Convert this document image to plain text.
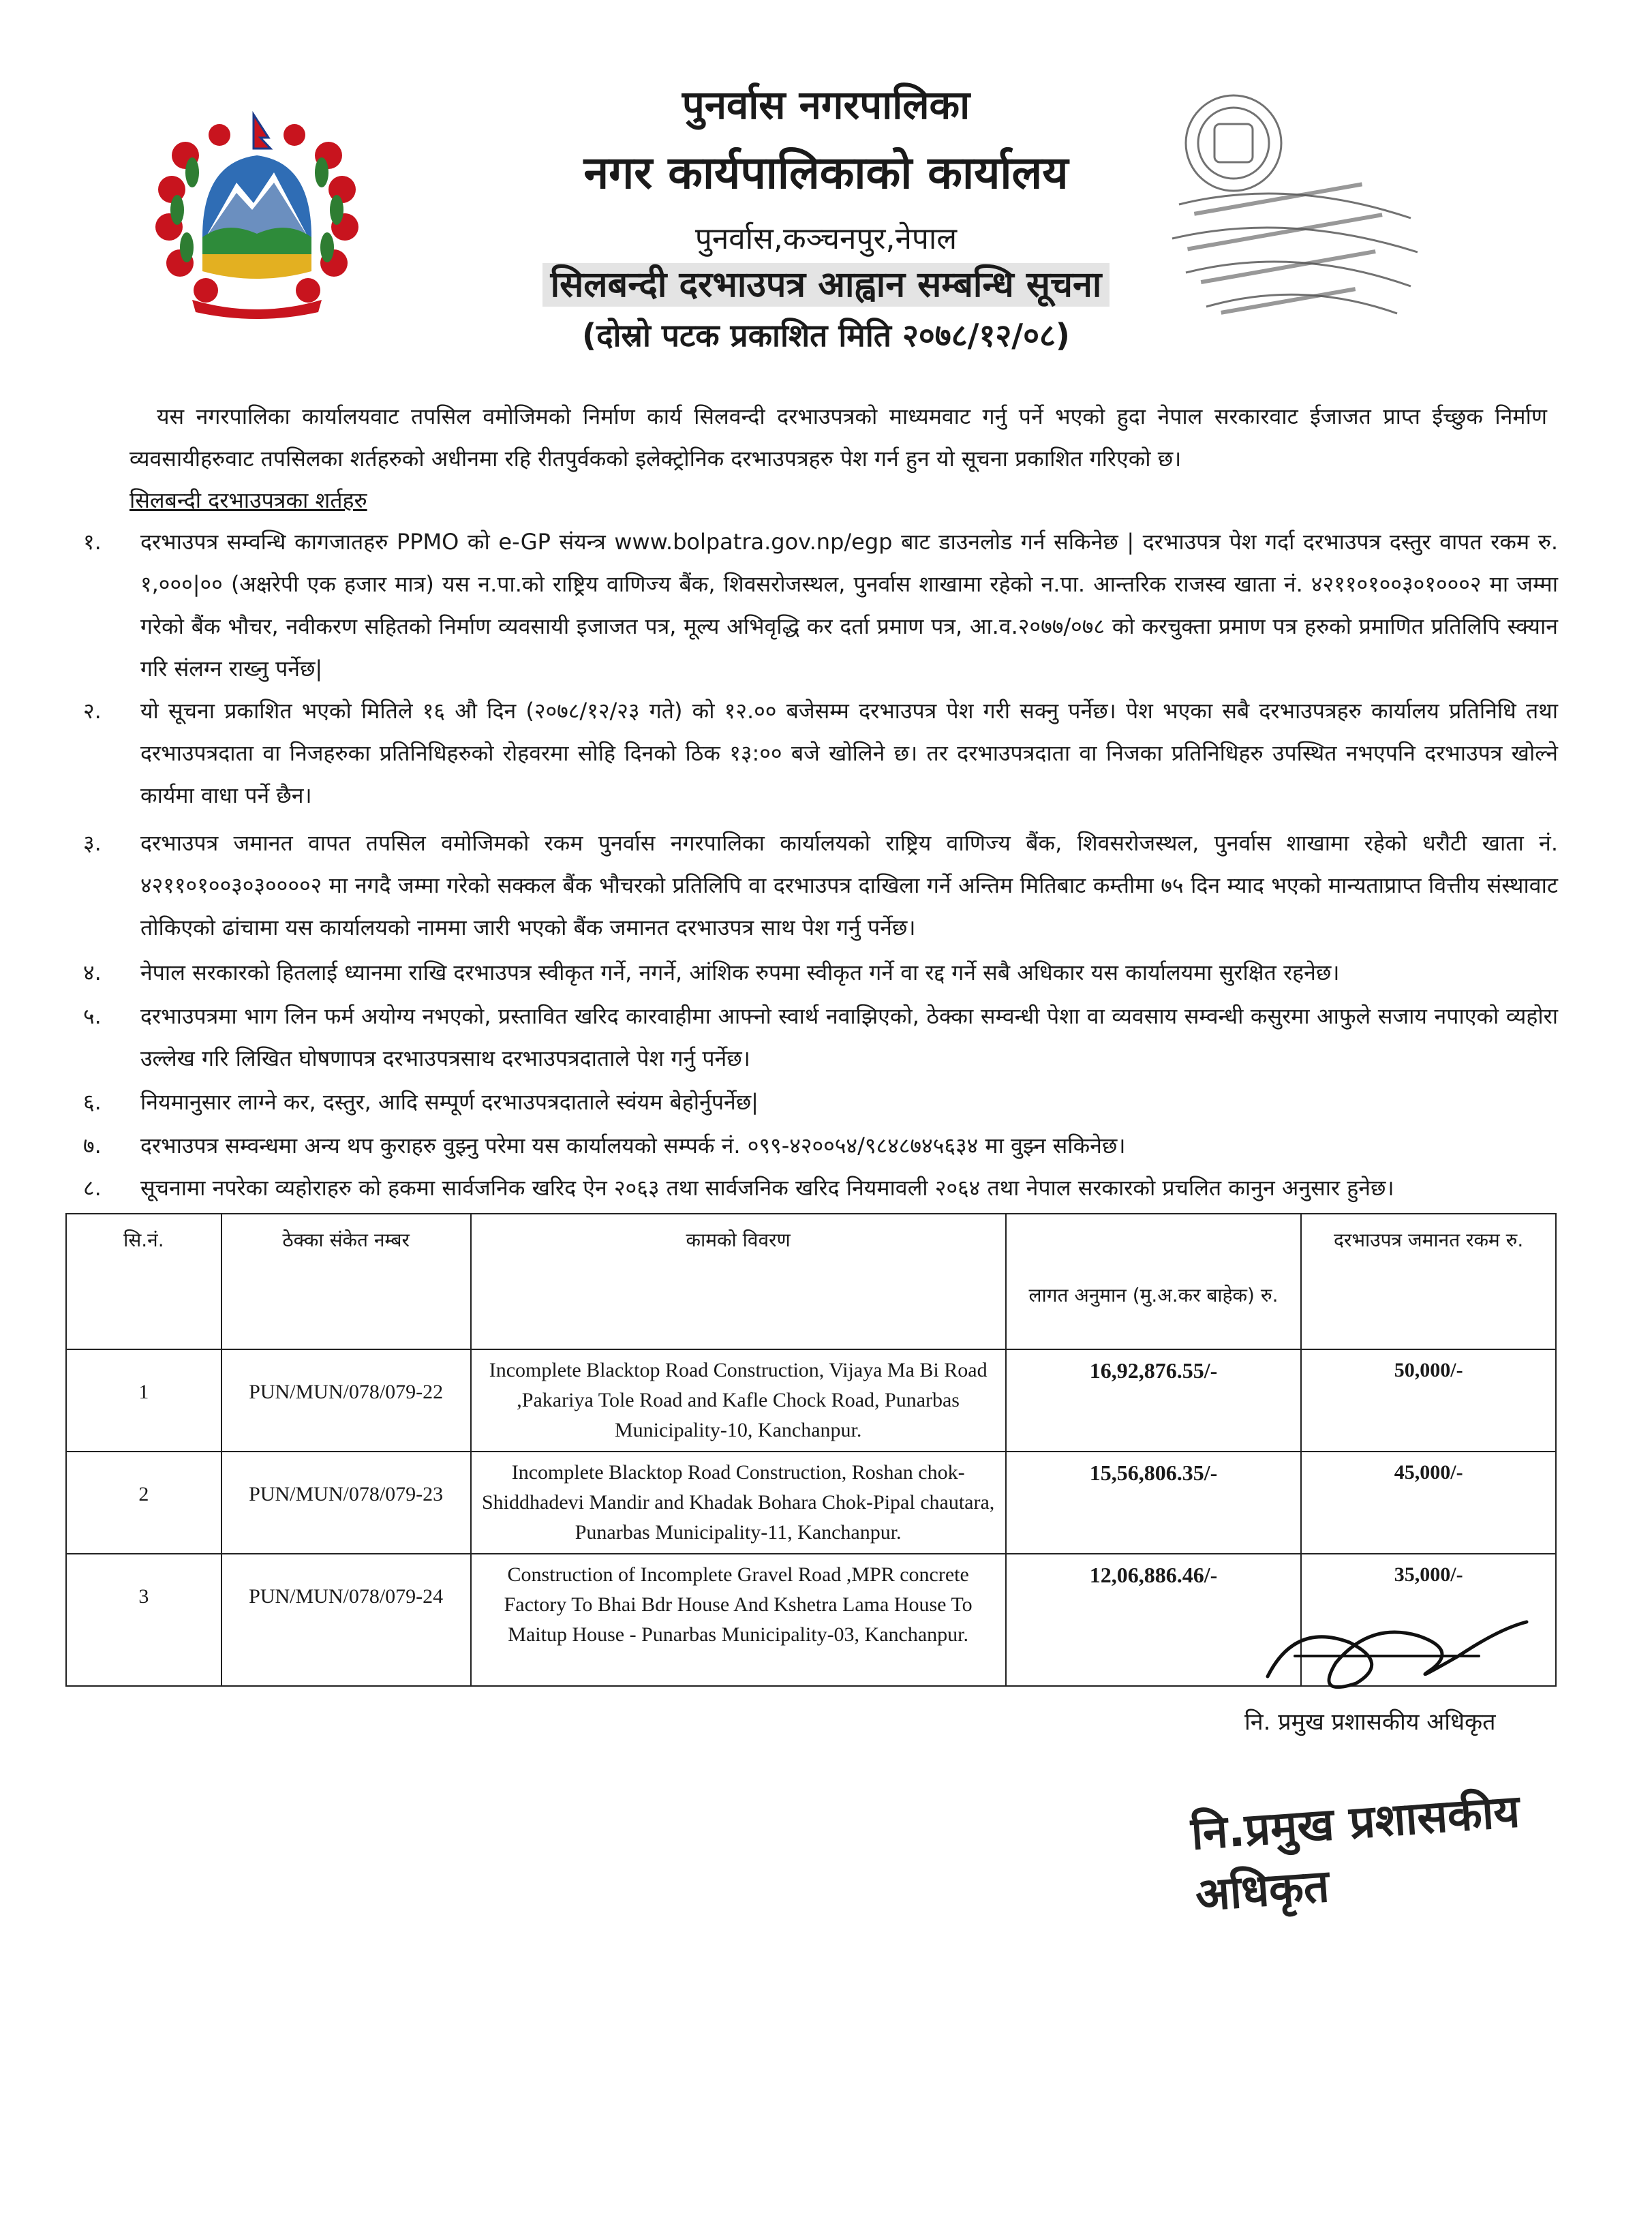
पुनर्वास नगरपालिका
नगर कार्यपालिकाको कार्यालय
पुनर्वास,कञ्चनपुर,नेपाल
सिलबन्दी दरभाउपत्र आह्वान सम्बन्धि सूचना
(दोस्रो पटक प्रकाशित मिति २०७८/१२/०८)
यस नगरपालिका कार्यालयवाट तपसिल वमोजिमको निर्माण कार्य सिलवन्दी दरभाउपत्रको माध्यमवाट गर्नु पर्ने भएको हुदा नेपाल सरकारवाट ईजाजत प्राप्त ईच्छुक निर्माण व्यवसायीहरुवाट तपसिलका शर्तहरुको अधीनमा रहि रीतपुर्वकको इलेक्ट्रोनिक दरभाउपत्रहरु पेश गर्न हुन यो सूचना प्रकाशित गरिएको छ।
सिलबन्दी दरभाउपत्रका शर्तहरु
१.	दरभाउपत्र सम्वन्धि कागजातहरु PPMO को e-GP संयन्त्र www.bolpatra.gov.np/egp बाट डाउनलोड गर्न सकिनेछ | दरभाउपत्र पेश गर्दा दरभाउपत्र दस्तुर वापत रकम रु. १,०००|०० (अक्षरेपी एक हजार मात्र) यस न.पा.को राष्ट्रिय वाणिज्य बैंक, शिवसरोजस्थल, पुनर्वास शाखामा रहेको न.पा. आन्तरिक राजस्व खाता नं. ४२११०१००३०१०००२ मा जम्मा गरेको बैंक भौचर, नवीकरण सहितको निर्माण व्यवसायी इजाजत पत्र, मूल्य अभिवृद्धि कर दर्ता प्रमाण पत्र, आ.व.२०७७/०७८ को करचुक्ता प्रमाण पत्र हरुको प्रमाणित प्रतिलिपि स्क्यान गरि संलग्न राख्नु पर्नेछ|
२.	यो सूचना प्रकाशित भएको मितिले १६ औ दिन (२०७८/१२/२३ गते) को १२.०० बजेसम्म दरभाउपत्र पेश गरी सक्नु पर्नेछ। पेश भएका सबै दरभाउपत्रहरु कार्यालय प्रतिनिधि तथा दरभाउपत्रदाता वा निजहरुका प्रतिनिधिहरुको रोहवरमा सोहि दिनको ठिक १३:०० बजे खोलिने छ। तर दरभाउपत्रदाता वा निजका प्रतिनिधिहरु उपस्थित नभएपनि दरभाउपत्र खोल्ने कार्यमा वाधा पर्ने छैन।
३.	दरभाउपत्र जमानत वापत तपसिल वमोजिमको रकम पुनर्वास नगरपालिका कार्यालयको राष्ट्रिय वाणिज्य बैंक, शिवसरोजस्थल, पुनर्वास शाखामा रहेको धरौटी खाता नं. ४२११०१००३०३००००२ मा नगदै जम्मा गरेको सक्कल बैंक भौचरको प्रतिलिपि वा दरभाउपत्र दाखिला गर्ने अन्तिम मितिबाट कम्तीमा ७५ दिन म्याद भएको मान्यताप्राप्त वित्तीय संस्थावाट तोकिएको ढांचामा यस कार्यालयको नाममा जारी भएको बैंक जमानत दरभाउपत्र साथ पेश गर्नु पर्नेछ।
४.	नेपाल सरकारको हितलाई ध्यानमा राखि दरभाउपत्र स्वीकृत गर्ने, नगर्ने, आंशिक रुपमा स्वीकृत गर्ने वा रद्द गर्ने सबै अधिकार यस कार्यालयमा सुरक्षित रहनेछ।
५.	दरभाउपत्रमा भाग लिन फर्म अयोग्य नभएको, प्रस्तावित खरिद कारवाहीमा आफ्नो स्वार्थ नवाझिएको, ठेक्का सम्वन्धी पेशा वा व्यवसाय सम्वन्धी कसुरमा आफुले सजाय नपाएको व्यहोरा उल्लेख गरि लिखित घोषणापत्र दरभाउपत्रसाथ दरभाउपत्रदाताले पेश गर्नु पर्नेछ।
६.	नियमानुसार लाग्ने कर, दस्तुर, आदि सम्पूर्ण दरभाउपत्रदाताले स्वंयम बेहोर्नुपर्नेछ|
७.	दरभाउपत्र सम्वन्धमा अन्य थप कुराहरु वुझ्नु परेमा यस कार्यालयको सम्पर्क नं. ०९९-४२००५४/९८४८७४५६३४ मा वुझ्न सकिनेछ।
८.	सूचनामा नपरेका व्यहोराहरु को हकमा सार्वजनिक खरिद ऐन २०६३ तथा सार्वजनिक खरिद नियमावली २०६४ तथा नेपाल सरकारको प्रचलित कानुन अनुसार हुनेछ।
सि.नं.	ठेक्का संकेत नम्बर	कामको विवरण	लागत अनुमान (मु.अ.कर बाहेक) रु.	दरभाउपत्र जमानत रकम रु.
1	PUN/MUN/078/079-22	Incomplete Blacktop Road Construction, Vijaya Ma Bi Road ,Pakariya Tole Road and Kafle Chock Road, Punarbas Municipality-10, Kanchanpur.	16,92,876.55/-	50,000/-
2	PUN/MUN/078/079-23	Incomplete Blacktop Road Construction, Roshan chok-Shiddhadevi Mandir and Khadak Bohara Chok-Pipal chautara, Punarbas Municipality-11, Kanchanpur.	15,56,806.35/-	45,000/-
3	PUN/MUN/078/079-24	Construction of Incomplete Gravel Road ,MPR concrete Factory To Bhai Bdr House And Kshetra Lama House To Maitup House - Punarbas Municipality-03, Kanchanpur.	12,06,886.46/-	35,000/-
नि. प्रमुख प्रशासकीय अधिकृत
नि.प्रमुख प्रशासकीय अधिकृत
